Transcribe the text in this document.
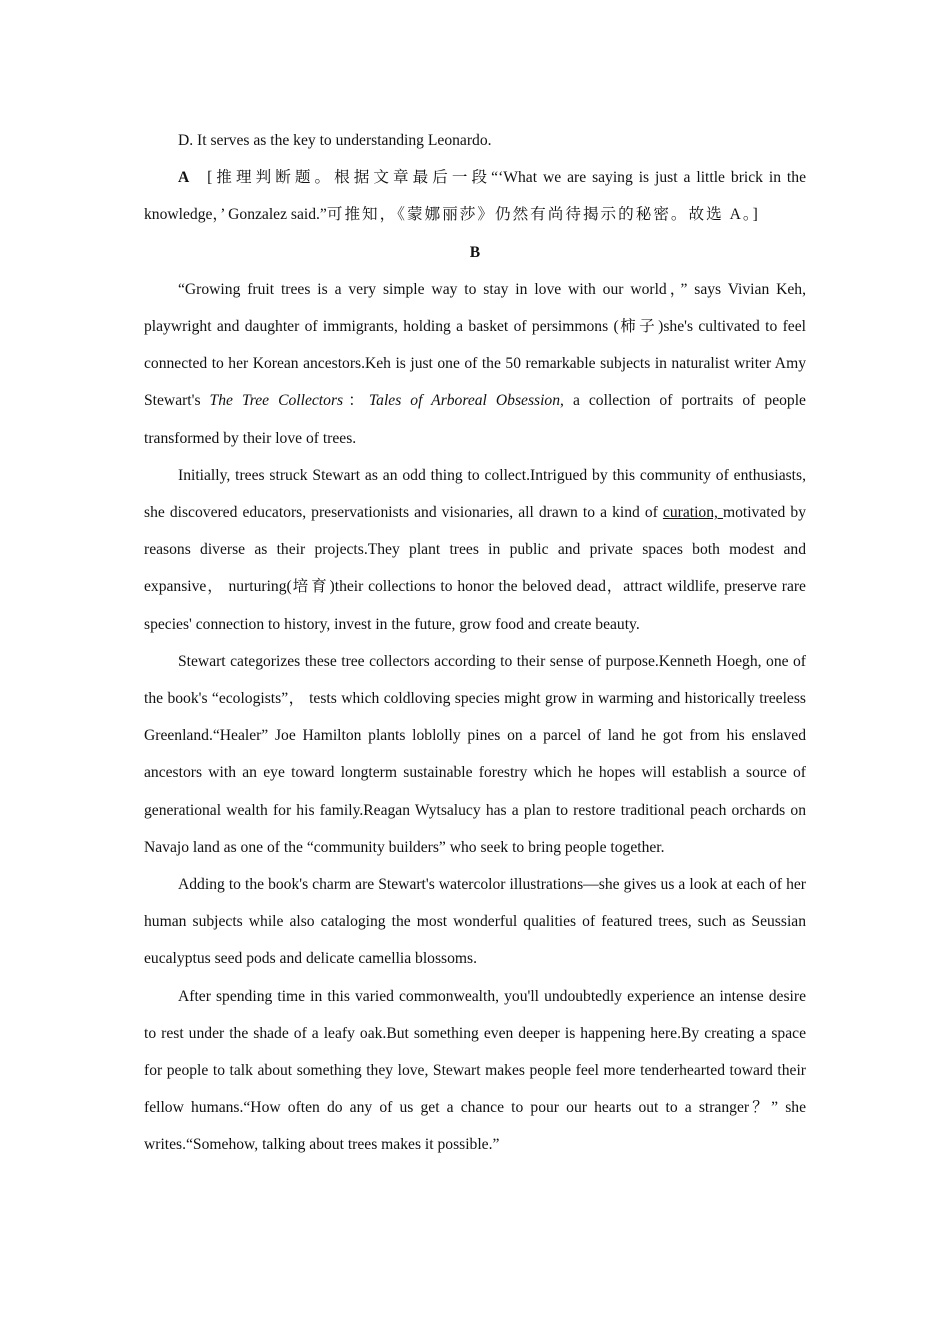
D. It serves as the key to understanding Leonardo.

A [推理判断题。根据文章最后一段“‘What we are saying is just a little brick in the knowledge，’ Gonzalez said.”可推知，《蒙娜丽莎》仍然有尚待揭示的秘密。故选 A。]

B

“Growing fruit trees is a very simple way to stay in love with our world，” says Vivian Keh, playwright and daughter of immigrants, holding a basket of persimmons (柿子)she's cultivated to feel connected to her Korean ancestors.Keh is just one of the 50 remarkable subjects in naturalist writer Amy Stewart's The Tree Collectors：Tales of Arboreal Obsession, a collection of portraits of people transformed by their love of trees.

Initially, trees struck Stewart as an odd thing to collect.Intrigued by this community of enthusiasts, she discovered educators, preservationists and visionaries, all drawn to a kind of curation, motivated by reasons diverse as their projects.They plant trees in public and private spaces both modest and expansive， nurturing(培育)their collections to honor the beloved dead，attract wildlife, preserve rare species' connection to history, invest in the future, grow food and create beauty.

Stewart categorizes these tree collectors according to their sense of purpose.Kenneth Hoegh, one of the book's “ecologists”， tests which coldloving species might grow in warming and historically treeless Greenland.“Healer” Joe Hamilton plants loblolly pines on a parcel of land he got from his enslaved ancestors with an eye toward longterm sustainable forestry which he hopes will establish a source of generational wealth for his family.Reagan Wytsalucy has a plan to restore traditional peach orchards on Navajo land as one of the “community builders” who seek to bring people together.

Adding to the book's charm are Stewart's watercolor illustrations—she gives us a look at each of her human subjects while also cataloging the most wonderful qualities of featured trees, such as Seussian eucalyptus seed pods and delicate camellia blossoms.

After spending time in this varied commonwealth, you'll undoubtedly experience an intense desire to rest under the shade of a leafy oak.But something even deeper is happening here.By creating a space for people to talk about something they love, Stewart makes people feel more tenderhearted toward their fellow humans.“How often do any of us get a chance to pour our hearts out to a stranger？” she writes.“Somehow, talking about trees makes it possible.”
